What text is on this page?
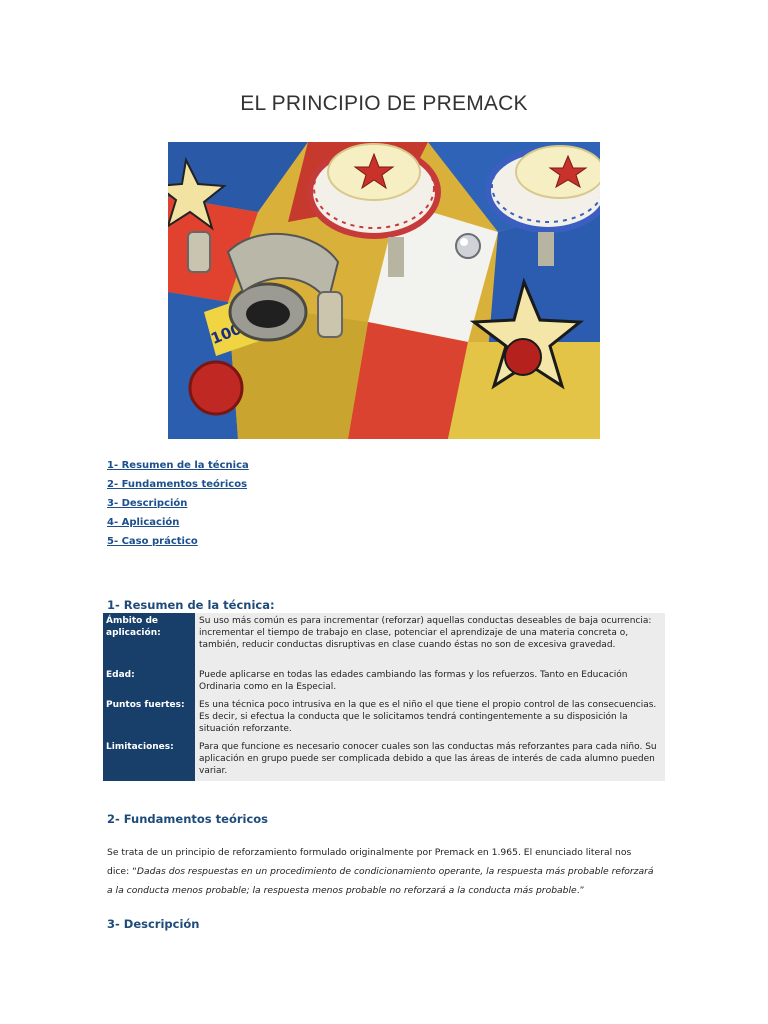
EL PRINCIPIO DE PREMACK
1000
1- Resumen de la técnica
2- Fundamentos teóricos
3- Descripción
4- Aplicación
5- Caso práctico
1- Resumen de la técnica:
Ámbito de aplicación:	Su uso más común es para incrementar (reforzar) aquellas conductas deseables de baja ocurrencia: incrementar el tiempo de trabajo en clase, potenciar el aprendizaje de una materia concreta o, también, reducir conductas disruptivas en clase cuando éstas no son de excesiva gravedad.
Edad:	Puede aplicarse en todas las edades cambiando las formas y los refuerzos. Tanto en Educación Ordinaria como en la Especial.
Puntos fuertes:	Es una técnica poco intrusiva en la que es el niño el que tiene el propio control de las consecuencias. Es decir, si efectua la conducta que le solicitamos tendrá contingentemente a su disposición la situación reforzante.
Limitaciones:	Para que funcione es necesario conocer cuales son las conductas más reforzantes para cada niño. Su aplicación en grupo puede ser complicada debido a que las áreas de interés de cada alumno pueden variar.
2- Fundamentos teóricos
Se trata de un principio de reforzamiento formulado originalmente por Premack en 1.965. El enunciado literal nos dice: “Dadas dos respuestas en un procedimiento de condicionamiento operante, la respuesta más probable reforzará a la conducta menos probable; la respuesta menos probable no reforzará a la conducta más probable.”
3- Descripción
